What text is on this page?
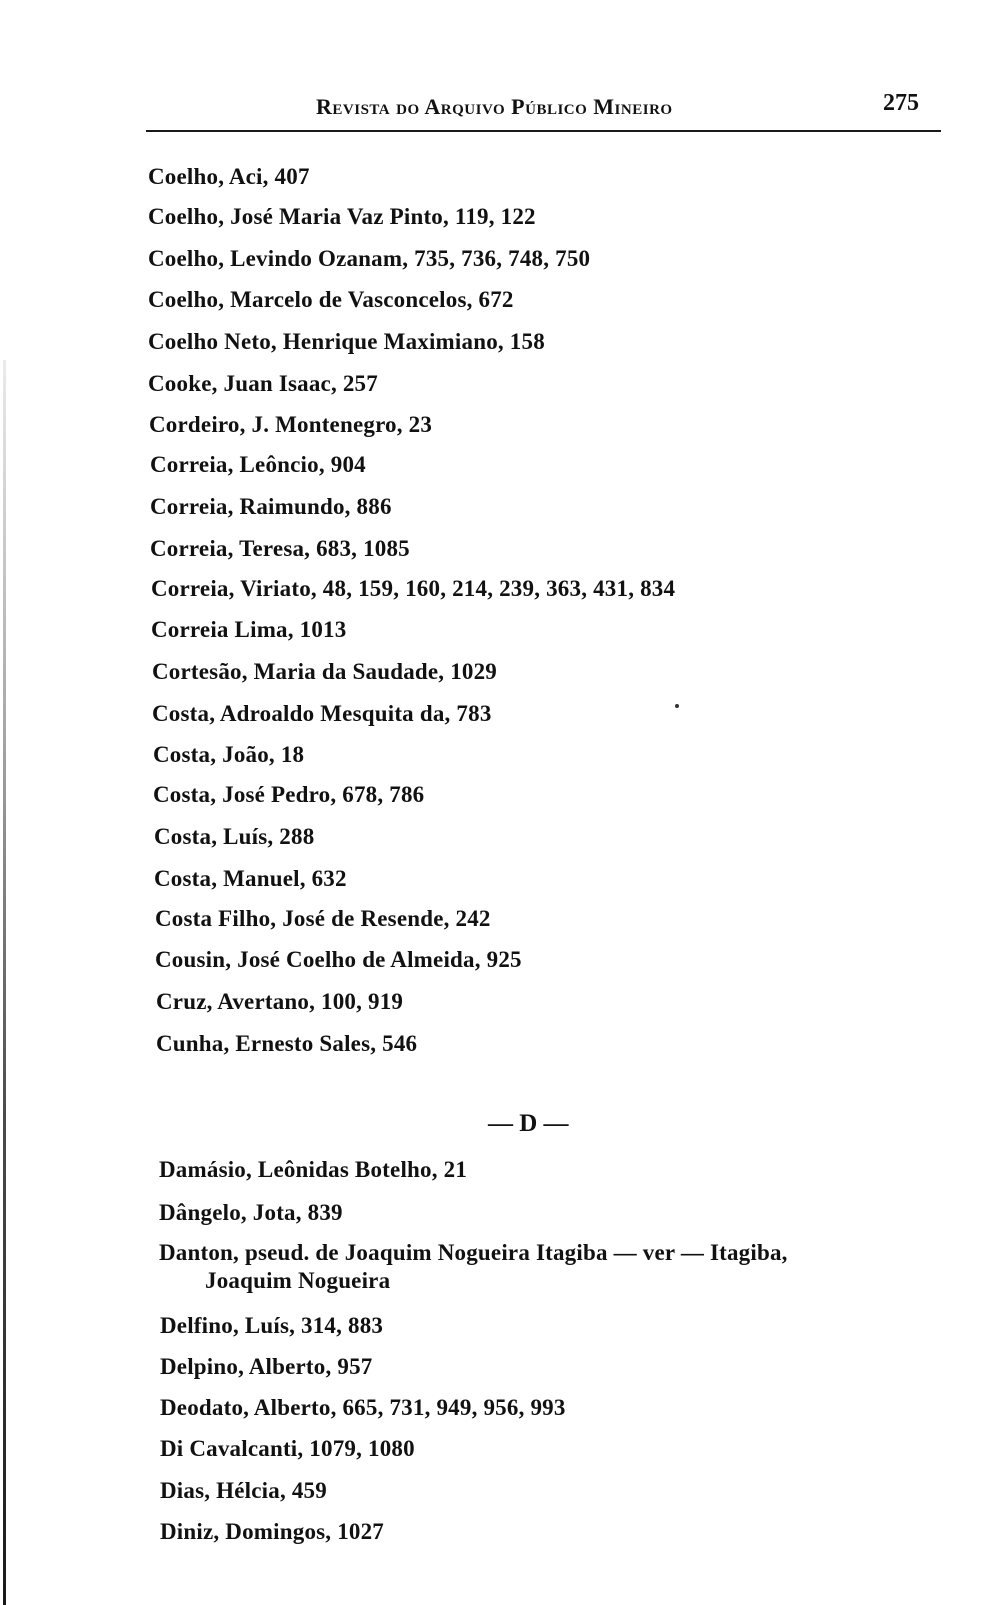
Revista do Arquivo Público Mineiro	275
Coelho, Aci, 407
Coelho, José Maria Vaz Pinto, 119, 122
Coelho, Levindo Ozanam, 735, 736, 748, 750
Coelho, Marcelo de Vasconcelos, 672
Coelho Neto, Henrique Maximiano, 158
Cooke, Juan Isaac, 257
Cordeiro, J. Montenegro, 23
Correia, Leôncio, 904
Correia, Raimundo, 886
Correia, Teresa, 683, 1085
Correia, Viriato, 48, 159, 160, 214, 239, 363, 431, 834
Correia Lima, 1013
Cortesão, Maria da Saudade, 1029
Costa, Adroaldo Mesquita da, 783
Costa, João, 18
Costa, José Pedro, 678, 786
Costa, Luís, 288
Costa, Manuel, 632
Costa Filho, José de Resende, 242
Cousin, José Coelho de Almeida, 925
Cruz, Avertano, 100, 919
Cunha, Ernesto Sales, 546
— D —
Damásio, Leônidas Botelho, 21
Dângelo, Jota, 839
Danton, pseud. de Joaquim Nogueira Itagiba — ver — Itagiba,
Joaquim Nogueira
Delfino, Luís, 314, 883
Delpino, Alberto, 957
Deodato, Alberto, 665, 731, 949, 956, 993
Di Cavalcanti, 1079, 1080
Dias, Hélcia, 459
Diniz, Domingos, 1027
